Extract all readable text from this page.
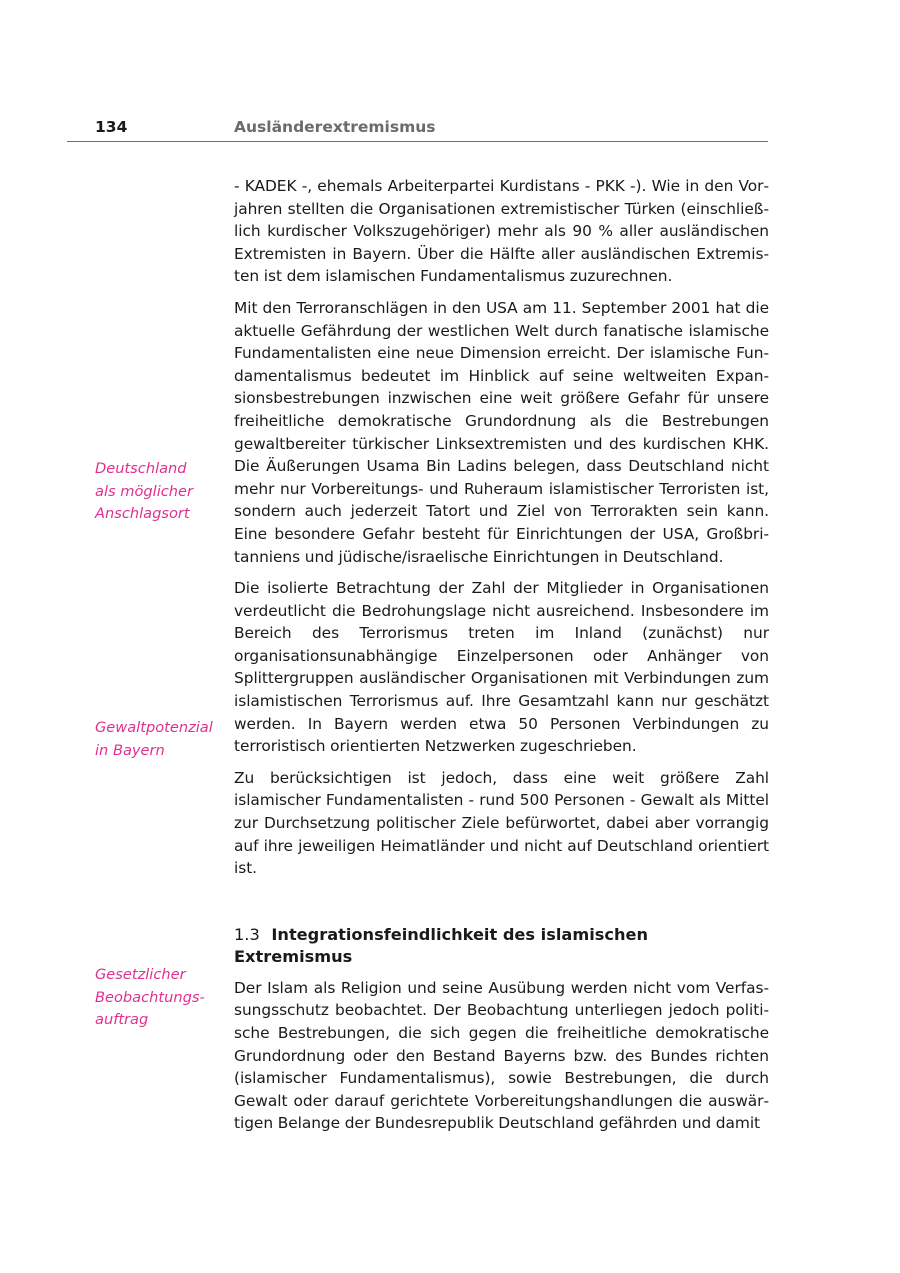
134	Ausländerextremismus
Deutschland
als möglicher
Anschlagsort
Gewaltpotenzial
in Bayern
Gesetzlicher
Beobachtungs-
auftrag

- KADEK -, ehemals Arbeiterpartei Kurdistans - PKK -). Wie in den Vorjahren stellten die Organisationen extremistischer Türken (einschließlich kurdischer Volkszugehöriger) mehr als 90 % aller ausländischen Extremisten in Bayern. Über die Hälfte aller ausländischen Extremisten ist dem islamischen Fundamentalismus zuzurechnen.

Mit den Terroranschlägen in den USA am 11. September 2001 hat die aktuelle Gefährdung der westlichen Welt durch fanatische islamische Fundamentalisten eine neue Dimension erreicht. Der islamische Fundamentalismus bedeutet im Hinblick auf seine weltweiten Expansionsbestrebungen inzwischen eine weit größere Gefahr für unsere freiheitliche demokratische Grundordnung als die Bestrebungen gewaltbereiter türkischer Linksextremisten und des kurdischen KHK. Die Äußerungen Usama Bin Ladins belegen, dass Deutschland nicht mehr nur Vorbereitungs- und Ruheraum islamistischer Terroristen ist, sondern auch jederzeit Tatort und Ziel von Terrorakten sein kann. Eine besondere Gefahr besteht für Einrichtungen der USA, Großbritanniens und jüdische/israelische Einrichtungen in Deutschland.

Die isolierte Betrachtung der Zahl der Mitglieder in Organisationen verdeutlicht die Bedrohungslage nicht ausreichend. Insbesondere im Bereich des Terrorismus treten im Inland (zunächst) nur organisationsunabhängige Einzelpersonen oder Anhänger von Splittergruppen ausländischer Organisationen mit Verbindungen zum islamistischen Terrorismus auf. Ihre Gesamtzahl kann nur geschätzt werden. In Bayern werden etwa 50 Personen Verbindungen zu terroristisch orientierten Netzwerken zugeschrieben.

Zu berücksichtigen ist jedoch, dass eine weit größere Zahl islamischer Fundamentalisten - rund 500 Personen - Gewalt als Mittel zur Durchsetzung politischer Ziele befürwortet, dabei aber vorrangig auf ihre jeweiligen Heimatländer und nicht auf Deutschland orientiert ist.

1.3 Integrationsfeindlichkeit des islamischen Extremismus

Der Islam als Religion und seine Ausübung werden nicht vom Verfassungsschutz beobachtet. Der Beobachtung unterliegen jedoch politische Bestrebungen, die sich gegen die freiheitliche demokratische Grundordnung oder den Bestand Bayerns bzw. des Bundes richten (islamischer Fundamentalismus), sowie Bestrebungen, die durch Gewalt oder darauf gerichtete Vorbereitungshandlungen die auswärtigen Belange der Bundesrepublik Deutschland gefährden und damit
